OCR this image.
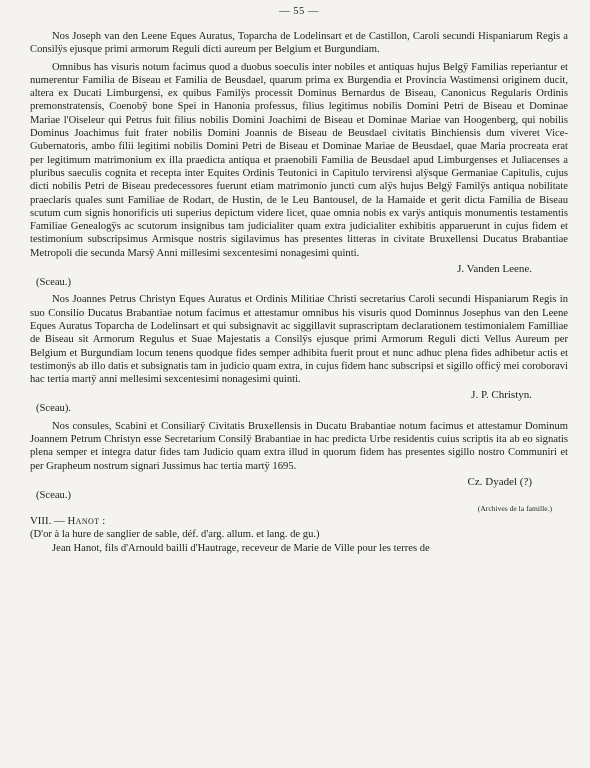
— 55 —

Nos Joseph van den Leene Eques Auratus, Toparcha de Lodelinsart et de Castillon, Caroli secundi Hispaniarum Regis a Consilÿs ejusque primi armorum Reguli dicti aureum per Belgium et Burgundiam.

Omnibus has visuris notum facimus quod a duobus soeculis inter nobiles et antiquas hujus Belgÿ Familias reperiantur et numerentur Familia de Biseau et Familia de Beusdael, quarum prima ex Burgendia et Provincia Wastimensi originem ducit, altera ex Ducati Limburgensi, ex quibus Familÿs processit Dominus Bernardus de Biseau, Canonicus Regularis Ordinis premonstratensis, Coenobÿ bone Spei in Hanonia professus, filius legitimus nobilis Domini Petri de Biseau et Dominae Mariae l'Oiseleur qui Petrus fuit filius nobilis Domini Joachimi de Biseau et Dominae Mariae van Hoogenberg, qui nobilis Dominus Joachimus fuit frater nobilis Domini Joannis de Biseau de Beusdael civitatis Binchiensis dum viveret Vice-Gubernatoris, ambo filii legitimi nobilis Domini Petri de Biseau et Dominae Mariae de Beusdael, quae Maria procreata erat per legitimum matrimonium ex illa praedicta antiqua et praenobili Familia de Beusdael apud Limburgenses et Juliacenses a pluribus saeculis cognita et recepta inter Equites Ordinis Teutonici in Capitulo tervirensi alÿsque Germaniae Capitulis, cujus dicti nobilis Petri de Biseau predecessores fuerunt etiam matrimonio juncti cum alÿs hujus Belgÿ Familÿs antiqua nobilitate praeclaris quales sunt Familiae de Rodart, de Hustin, de le Leu Bantousel, de la Hamaide et gerit dicta Familia de Biseau scutum cum signis honorificis uti superius depictum videre licet, quae omnia nobis ex varÿs antiquis monumentis testamentis Familiae Genealogÿs ac scutorum insignibus tam judicialiter quam extra judicialiter exhibitis apparuerunt in cujus fidem et testimonium subscripsimus Armisque nostris sigilavimus has presentes litteras in civitate Bruxellensi Ducatus Brabantiae Metropoli die secunda Marsÿ Anni millesimi sexcentesimi nonagesimi quinti.

J. Vanden Leene.
(Sceau.)

Nos Joannes Petrus Christyn Eques Auratus et Ordinis Militiae Christi secretarius Caroli secundi Hispaniarum Regis in suo Consilio Ducatus Brabantiae notum facimus et attestamur omnibus his visuris quod Dominnus Josephus van den Leene Eques Auratus Toparcha de Lodelinsart et qui subsignavit ac siggillavit suprascriptam declarationem testimonialem Familliae de Biseau sit Armorum Regulus et Suae Majestatis a Consilÿs ejusque primi Armorum Reguli dicti Vellus Aureum per Belgium et Burgundiam locum tenens quodque fides semper adhibita fuerit prout et nunc adhuc plena fides adhibetur actis et testimonÿs ab illo datis et subsignatis tam in judicio quam extra, in cujus fidem hanc subscripsi et sigillo officÿ mei coroboravi hac tertia martÿ anni mellesimi sexcentesimi nonagesimi quinti.

J. P. Christyn.
(Sceau).

Nos consules, Scabini et Consiliarÿ Civitatis Bruxellensis in Ducatu Brabantiae notum facimus et attestamur Dominum Joannem Petrum Christyn esse Secretarium Consilÿ Brabantiae in hac predicta Urbe residentis cuius scriptis ita ab eo signatis plena semper et integra datur fides tam Judicio quam extra illud in quorum fidem has presentes sigillo nostro Communiri et per Grapheum nostrum signari Jussimus hac tertia martÿ 1695.

Cz. Dyadel (?)
(Sceau.)
(Archives de la famille.)
VIII. — Hanot :
(D'or à la hure de sanglier de sable, déf. d'arg. allum. et lang. de gu.)

Jean Hanot, fils d'Arnould bailli d'Hautrage, receveur de Marie de Ville pour les terres de
